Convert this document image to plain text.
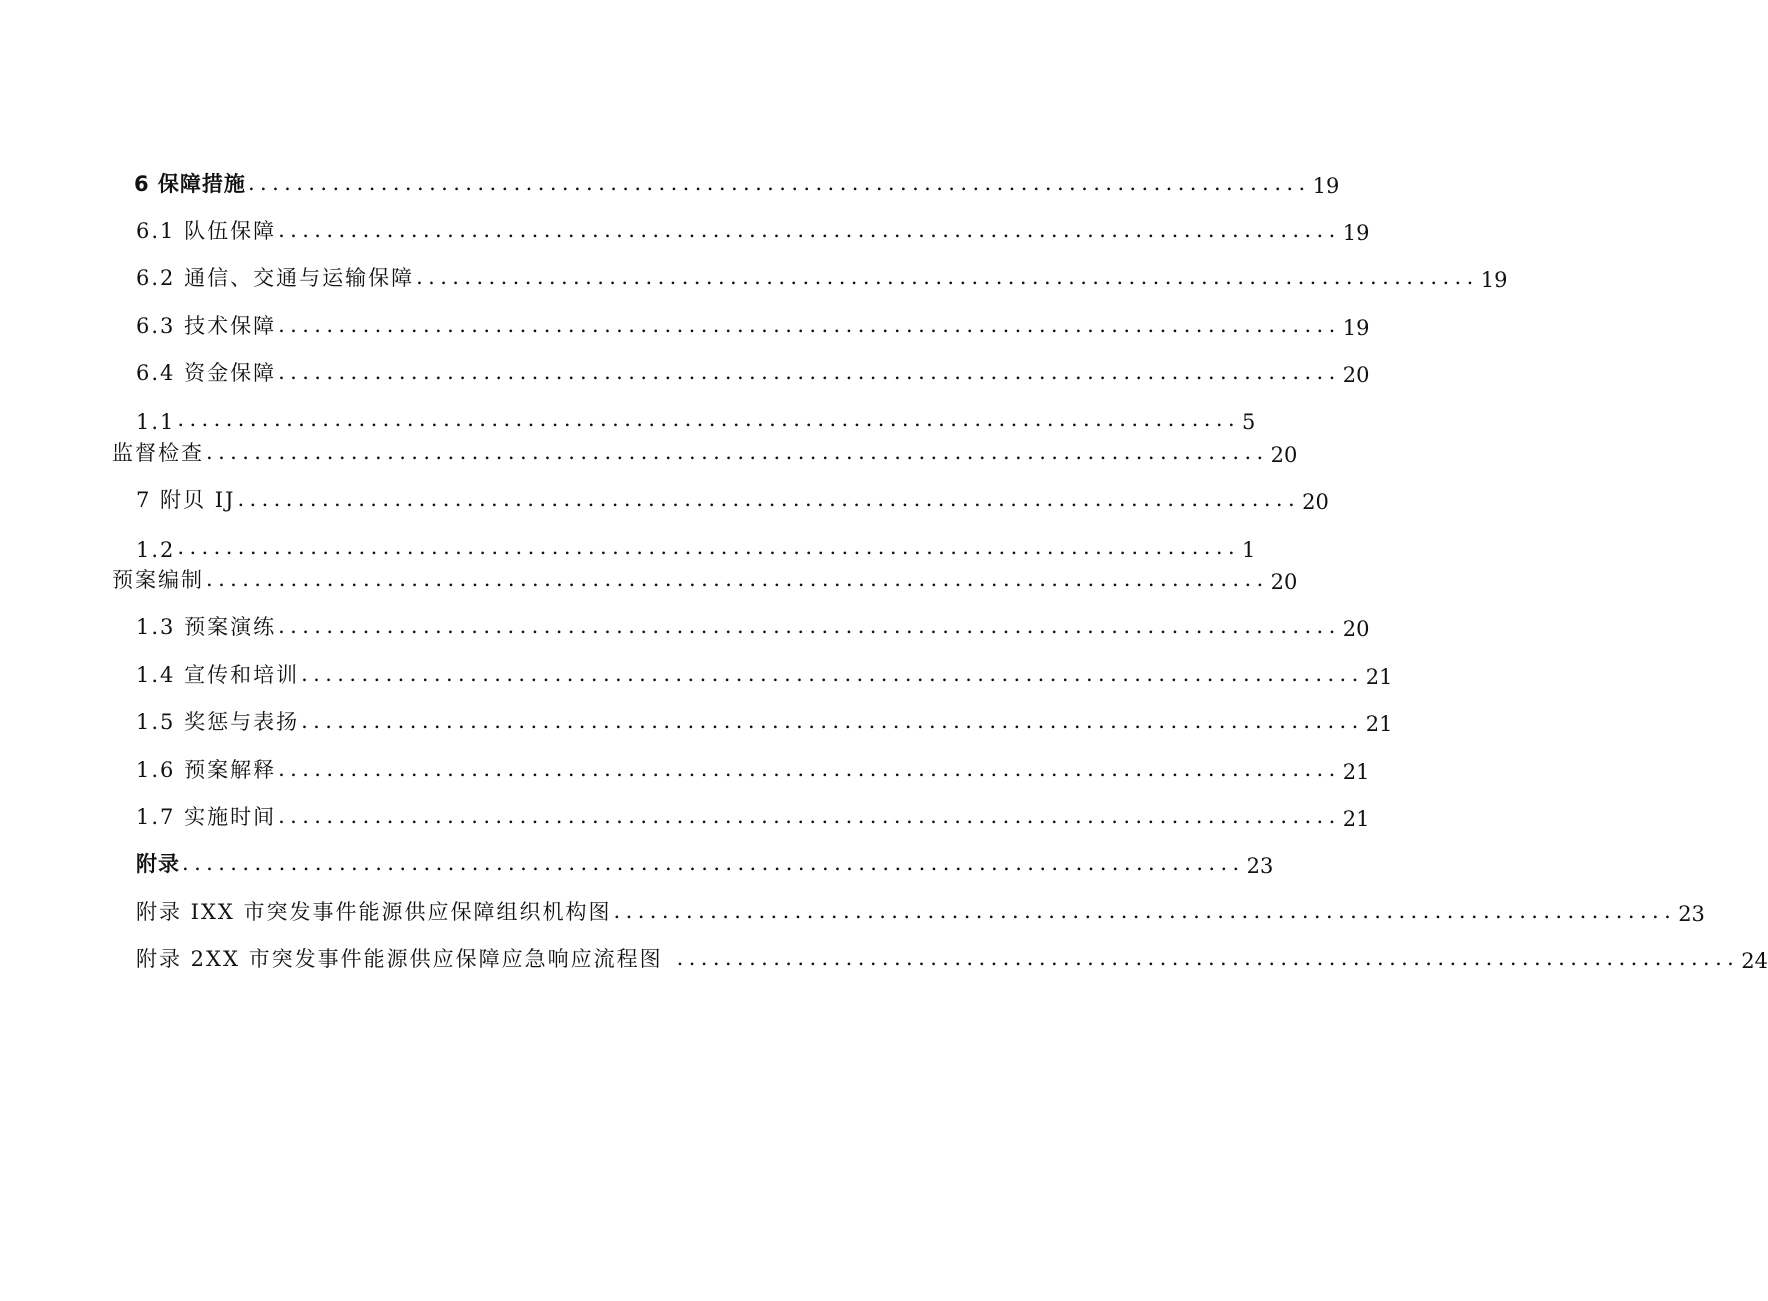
6 保障措施 ........................................................................................ 19
6.1 队伍保障 ........................................................................................ 19
6.2 通信、交通与运输保障 ........................................................................................ 19
6.3 技术保障 ........................................................................................ 19
6.4 资金保障 ........................................................................................ 20
1.1 ........................................................................................ 5
监督检查 ........................................................................................ 20
7 附贝 IJ ........................................................................................ 20
1.2 ........................................................................................ 1
预案编制 ........................................................................................ 20
1.3 预案演练 ........................................................................................ 20
1.4 宣传和培训 ........................................................................................ 21
1.5 奖惩与表扬 ........................................................................................ 21
1.6 预案解释 ........................................................................................ 21
1.7 实施时间 ........................................................................................ 21
附录 ........................................................................................ 23
附录 IXX 市突发事件能源供应保障组织机构图 ........................................................................................ 23
附录 2XX 市突发事件能源供应保障应急响应流程图 ........................................................................................ 24
